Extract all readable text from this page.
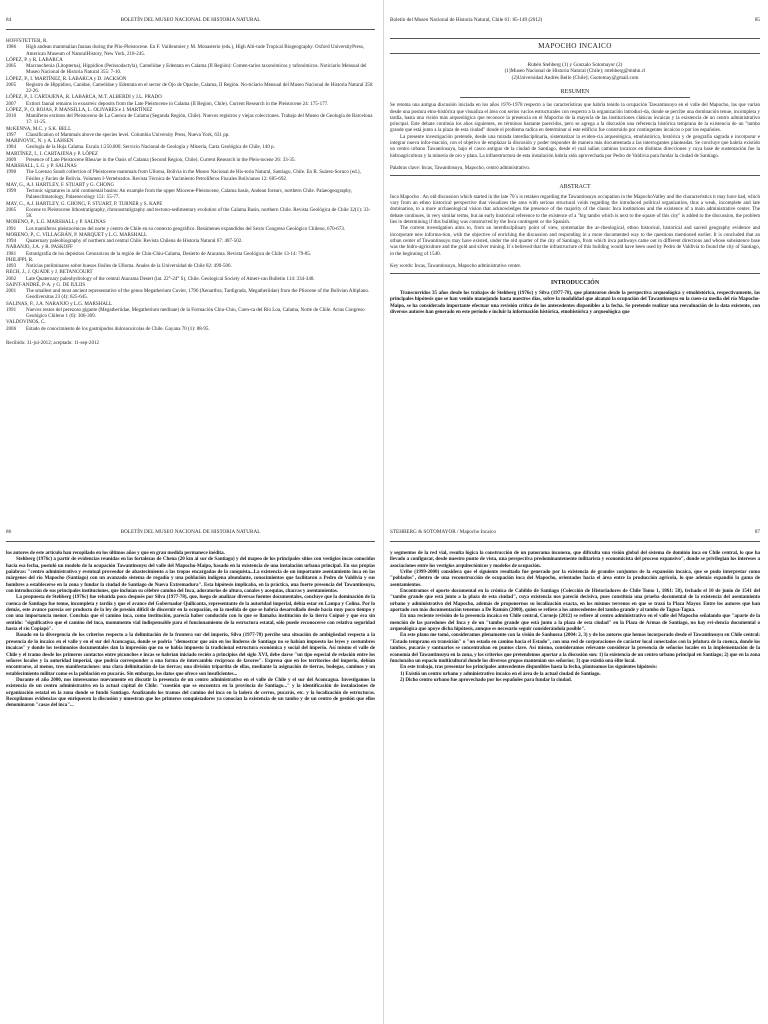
84	BOLETÍN DEL MUSEO NACIONAL DE HISTORIA NATURAL

HOFFSTETTER, R.

1986 High andean mammalian faunas during the Plio-Pleistocene. En F. Vuilleumier y M. Monasterio (eds.), High Alti-tude Tropical Biogeography. Oxford UniversityPress, American Museum of NaturalHistory, New York, 218-245.

LÓPEZ, P. y R. LABARCA

2005 Macrauchenia (Litopterna), Hippidion (Perissodactyla), Camelidae y Edentata en Calama (II Región): Comen-tarios taxonómicos y tafonómicos. Noticiario Mensual del Museo Nacional de Historia Natural 355: 7-10.

LÓPEZ, P., I. MARTÍNEZ, R. LABARCA y D. JACKSON

2005 Registro de Hippidion, Canidae, Camelidae y Edentata en el sector de Ojo de Opache, Calama, II Región. No-ticiario Mensual del Museo Nacional de Historia Natural 356: 22-26.

LÓPEZ, P., I. CARTAJENA, R. LABARCA, M.T. ALBERDI y J.L. PRADO

2007 Extinct faunal remains in exoarreic deposits from the Late Pleistocene in Calama (II Region, Chile). Current Research in the Pleistocene 24: 175-177.

LÓPEZ, P., O. ROJAS, P. MANSILLA, L. OLIVARES e I. MARTÍNEZ

2010 Mamíferos extintos del Pleistoceno de La Cuenca de Calama (Segunda Región, Chile). Nuevos registros y viejas colecciones. Trabajo del Museo de Geología de Barcelona 17: 11-25.

McKENNA, M.C. y S.K. BELL

1997 Classification of Mammals above the species level. Columbia University Press, Nueva York, 631 pp.

MARINOVIC, N. y A. LAHSEN

1984 Geología de la Hoja Calama. Escala 1:250.000. Servicio Nacional de Geología y Minería, Carta Geológica de Chile, 140 p.

MARTÍNEZ, I., I. CARTAJENA y P. LÓPEZ

2009 Presence of Late Pleistocene Rhea/ae in the Oasis of Calama (Second Region, Chile). Current Research in the Pleis-tocene 26: 33-35.

MARSHALL, L.G. y P. SALINAS

1990 The Lorenzo Sundt collection of Pleistocene mammals from Ulloma, Bolivia in the Museo Nacional de His-toria Natural, Santiago, Chile. En R. Suárez-Soruco (ed.), Fósiles y Facies de Bolivia. Volumen I-Vertebrados. Revista Técnica de Yacimiento Petrolíferos Fiscales Bolivianos 12: 685-692.

MAY, G., A.J. HARTLEY, F. STUART y G. CHONG

1999 Tectonic signatures in arid continental basins: An example from the upper Miocene-Pleistocene, Calama basin, Andean forearc, northern Chile. Palaeogeography, Palaeoclimatology, Palaeoecology 151: 55-77.

MAY, G., A.J. HARTLEY, G. CHONG, F. STUART, P. TURNER y S. KAPE

2005 Eocene to Pleistocene lithostratigraphy, chronostratigraphy and tectono-sedimentary evolution of the Calama Basin, northern Chile. Revista Geológica de Chile 32(1): 33-58.

MORENO, P., L.G. MARSHALL y P. SALINAS

1991 Los mamíferos pleistocénicos del norte y centro de Chile en su contexto geográfico. Resúmenes expandidos del Sexto Congreso Geológico Chileno, 670-673.

MORENO, P., C. VILLAGRÁN, P. MARQUET y L.G. MARSHALL

1994 Quaternary paleobiography of northern and central Chile. Revista Chilena de Historia Natural 67: 487-502.

NARANJO, J.A. y R. PASKOFF

1981 Estratigrafía de los depósitos Cenozoicos de la región de Chiu-Chiu-Calama, Desierto de Atacama. Revista Geológica de Chile 13-14: 79-85.

PHILIPPI, R.

1893 Noticias preliminares sobre huesos fósiles de Ulloma. Anales de la Universidad de Chile 82: 499-506.

RECH, J., J. QUADE y J. BETANCOURT

2002 Late Quaternary paleohydrology of the central Atacama Desert (lat. 22°-24° S), Chile. Geological Society of Ameri-can Bulletin 114: 334-348.

SAINT-ANDRÉ, P-A. y G. DE IULIIS

2001 The smallest and most ancient representative of the genus Megatherium Cuvier, 1796 (Xenarthra, Tardigrada, Megatheriidae) from the Pliocene of the Bolivian Altiplano. Geodiversitas 23 (4): 625-645.

SALINAS, P., J.A. NARANJO y L.G. MARSHALL

1991 Nuevos restos del perezoso gigante (Megatheriidae, Megatherium medinae) de la Formación Chiu-Chiu, Cuen-ca del Río Loa, Calama, Norte de Chile. Actas Congreso Geológico Chileno 1 (6): 306-309.

VALDOVINOS, C.

2006 Estado de conocimiento de los gastrópodos dulceacuícolas de Chile. Gayana 70 (1): 88-95.

Recibido: 31-jul-2012; aceptado: 11-sep-2012

Boletín del Museo Nacional de Historia Natural, Chile 61: 85-149 (2012)	85
MAPOCHO INCAICO
Rubén Stehberg (1) y Gonzalo Sotomayor (2)
(1)Museo Nacional de Historia Natural (Chile); rstehberg@mnhn.cl
(2)Universidad Andrés Bello (Chile); Gsotomay@gmail.com
RESUMEN

Se retoma una antigua discusión iniciada en los años 1976-1978 respecto a las características que habría tenido la ocupación Tawantinsuyu en el valle del Mapocho, las que varían desde una postura etno-histórica que visualiza el área con serios vacíos estructurales con respecto a la organización introduci-da, donde se percibe una dominación tenue, incompleta y tardía, hasta una visión más arqueológica que reconoce la presencia en el Mapocho de la mayoría de las instituciones clásicas incaicas y la existencia de un centro administrativo principal. Este debate continúa los años siguientes, en términos bastante parecidos, pero se agrega a la discusión una referencia histórica temprana de la existencia de un "tambo grande que está junto a la plaza de esta ciudad" donde el problema radica en determinar si este edificio fue construido por contingentes incaicos o por los españoles.

La presente investigación pretende, desde una mirada interdisciplinaria, sistematizar la eviden-cia arqueológica, etnohistórica, histórica y de geografía sagrada e incorporar e integrar nueva infor-mación, con el objetivo de emplazar la discusión y poder responder de manera más documentada a las interrogantes planteadas. Se concluye que habría existido un centro urbano Tawantinsuyu, bajo el casco antiguo de la ciudad de Santiago, desde el cual salían caminos incaicos en distintas direcciones y cuya base de sustentación fue la hidroagricultura y la minería de oro y plata. La infraestructura de esta instalación habría sido aprovechada por Pedro de Valdivia para fundar la ciudad de Santiago.

Palabras clave: Incas, Tawantinsuyu, Mapocho, centro administrativo.
ABSTRACT

Inca Mapocho . An old discussion which started in the late 70´s is retaken regarding the Tawantinsuyu occupation in the MapochoValley and the characteristics it may have had, which vary from an ethno historical perspective that visualizes the area with serious structural voids regarding the introduced political organization, thus a weak, incomplete and late domination, to a more archaeological vision that acknowledges the presence of the majority of the classic Inca institutions and the existence of a main administrative center. The debate continues, in very similar terms, but an early historical reference to the existence of a "big tambo which is next to the square of this city" is added to the discussion, the problem lies in determining if this building was constructed by the Inca contingent or the Spanish.

The current investigation aims to, from an interdisciplinary point of view, systematize the ar-cheological, ethno historical, historical and sacred geography evidence and incorporate new informa-tion, with the objective of enriching the discussion and responding in a more documented way to the questions mentioned earlier. It is concluded that an urban center of Tawantinsuyu may have existed, under the old quarter of the city of Santiago, from which inca pathways came out in different directions and whose subsistence base was the hidro-agriculture and the gold and silver mining. It´s believed that the infrastructure of this building would have been used by Pedro de Valdivia to found the city of Santiago, in the beginning of 1540.

Key words: Incas, Tawantinsuyu, Mapocho administrative center.
INTRODUCCIÓN

Transcurridos 35 años desde los trabajos de Stehberg (1976c) y Silva (1977-78), que plantearon desde la perspectiva arqueológica y etnohistórica, respectivamente, las principales hipótesis que se han venido manejando hasta nuestros días, sobre la modalidad que alcanzó la ocupación del Tawantinsuyu en la cuen-ca media del río Mapocho-Maipo, se ha considerado importante efectuar una revisión crítica de los antecedentes disponibles a la fecha. Se pretende realizar una reevaluación de la data existente, con diversos autores han generado en este período e incluir la información histórica, etnohistórica y arqueológica que

86	BOLETÍN DEL MUSEO NACIONAL DE HISTORIA NATURAL

los autores de este artículo han recopilado en los últimos años y que en gran medida permanece inédita.

Stehberg (1976c) a partir de evidencias reunidas en las fortalezas de Chena (20 km al sur de Santiago) y del mapeo de los principales sitios con vestigios incas conocidos hacia esa fecha, postuló un modelo de la ocupación Tawantinsuyu del valle del Mapocho-Maipo, basado en la existencia de una instalación urbana principal. En sus propias palabras: "centro administrativo y eventual proveedor de abastecimiento a las tropas encargadas de la conquista...La existencia de un importante asentamiento inca en las márgenes del río Mapocho (Santiago) con un avanzado sistema de regadío y una población indígena abundante, conocimientos que facilitaron a Pedro de Valdivia y sus hombres a establecerse en la zona y fundar la ciudad de Santiago de Nueva Extremadura". Esta hipótesis implicaba, en la práctica, una fuerte presencia del Tawantinsuyu, con introducción de sus principales instituciones, que incluían su célebre camino del Inca, adoratorios de altura, canales y acequias, chacras y asentamientos.

La propuesta de Stehberg (1976c) fue rebatida poco después por Silva (1977-78), que, luego de analizar diversas fuentes documentales, concluye que la dominación de la cuenca de Santiago fue tenue, incompleta y tardía y que el avance del Gobernador Quilicanta, representante de la autoridad imperial, debía estar en Lampa y Colina. Por lo demás, este avance parecía ser producto de la ley de presión difícil de discernir en la ocupación, en la medida de que se habría desarrollado desde hacia muy poco tiempo y con una importancia menor. Concluía que el camino inca, como institución, parecía haber conducido con lo que se llamaba institución de la tierra Coipué y que era sin sentido: "significativo que el camino del inca, monumento vial indispensable para el funcionamiento de la estructura estatal, sólo puede reconocerse con relativa seguridad hasta el río Copiapó".

Basado en la divergencia de los criterios respecto a la delimitación de la frontera sur del imperio, Silva (1977-78) percibe una situación de ambigüedad respecto a la presencia de lo incaico en el valle y en el sur del Aconcagua, donde se podría "demostrar que aún en los linderos de Santiago no se habían impuesto las leyes y costumbres incaicas" y donde los testimonios documentales dan la impresión que no se había impuesto la tradicional estructura económica y social del imperio. Así mismo el valle de Chile y el tramo desde los primeros contactos entre picunches e incas se habrían iniciado recién a principios del siglo XVI, debe darse "un tipo especial de relación entre los señores locales y la autoridad imperial, que podría corresponder a una forma de intercambio recíproco de favores". Expresa que en los territorios del imperio, debían encontrarse, al menos, tres manifestaciones: una clara delimitación de las tierras; una división tripartita de ellas, mediante la asignación de tierras, bodegas, caminos y un establecimiento militar como es la población en pucarás. Sin embargo, los datos que ofrece son insuficientes...

Durante el año 2000, nos interesamos nuevamente en discutir la presencia de un centro administrativo en el valle de Chile y el sur del Aconcagua. Investigamos la existencia de un centro administrativo en la actual capital de Chile: "cuestión que se encuentra en la provincia de Santiago..." y la identificación de instalaciones de organización estatal en la zona donde se fundó Santiago. Analizando los tramos del camino del inca en la ladera de cerros, pucarás, etc. y la localización de estructuras. Recopilamos evidencias que enriquecen la discusión y muestran que los primeros conquistadores ya conocían la existencia de un tambo y de un centro de gestión que ellos denominaron "casas del inca"...

STEHBERG & SOTOMAYOR / Mapocho Incaico	87

y segmentos de la red vial, resulta lógica la construcción de un panorama inconexo, que dificulta una visión global del sistema de dominio inca en Chile central, lo que ha llevado a configurar, desde nuestro punto de vista, una perspectiva predominantemente militarista y economicista del proceso expansivo", donde se privilegian los intereses a asociaciones entre los vestigios arquitectónicos y modelos de ocupación.

Uribe (1999-2000) considera que el siguiente resultado fue generado por la existencia de grandes conjuntos de la expansión incaica, que se pudo interpretar como "poblados", dentro de una reconstrucción de ocupación inca del Mapocho, orientados hacia el área entre la producción agrícola, lo que además expandió la gama de asentamientos.

Encontramos el aporte documental en la crónica de Cabildo de Santiago (Colección de Historiadores de Chile Tomo 1, 1861: 58), fechado el 10 de junio de 1541 del "tambo grande que está junto a la plaza de esta ciudad", cuya existencia nos pareció decisiva, pues constituía una prueba documental de la existencia del asentamiento urbano y administrativo del Mapocho, además de proponernos su localización exacta, en los mismos terrenos en que se trazó la Plaza Mayor. Entre los autores que han aportado con más documentación tenemos a De Ramón (2000), quien se refiere a los antecedentes del tambo grande y al tambo de Tagua-Tagua.

En una reciente revisión de la presencia incaica en Chile central, Cornejo (2012) se refiere al centro administrativo en el valle del Mapocho señalando que "aparte de la mención de las paredones del Inca y de un "tambo grande que está junto a la plaza de esta ciudad" en la Plaza de Armas de Santiago, no hay evi-dencia documental o arqueológica que apoye dicha hipótesis, aunque es necesario seguir considerándola posible".

En este plano me tomó, consideramos plenamente con la visión de Sanhueza (2004: 2, 3) y de los autores que hemos incorporado desde el Tawantinsuyu en Chile central: "Estado temprano en transición" o "un estado en camino hacia el Estado", con una red de corporaciones de carácter local conectadas con la jefatura de la cuenca, donde los tambos, pucarás y santuarios se concentraban en puntos clave. Así mismo, consideramos relevante considerar la presencia de señoríos locales en la implementación de la economía del Tawantinsuyu en la zona, y los criterios que pretendemos aportar a la discusión son: 1) la existencia de un centro urbano principal en Santiago; 2) que en la zona funcionaba un espacio multicultural donde los diversos grupos mantenían sus señoríos; 3) que existió una élite local.

En este trabajo, tras presentar los principales antecedentes disponibles hasta la fecha, planteamos las siguientes hipótesis:

1) Existió un centro urbano y administrativo incaico en el área de la actual ciudad de Santiago.

2) Dicho centro urbano fue aprovechado por los españoles para fundar la ciudad.
